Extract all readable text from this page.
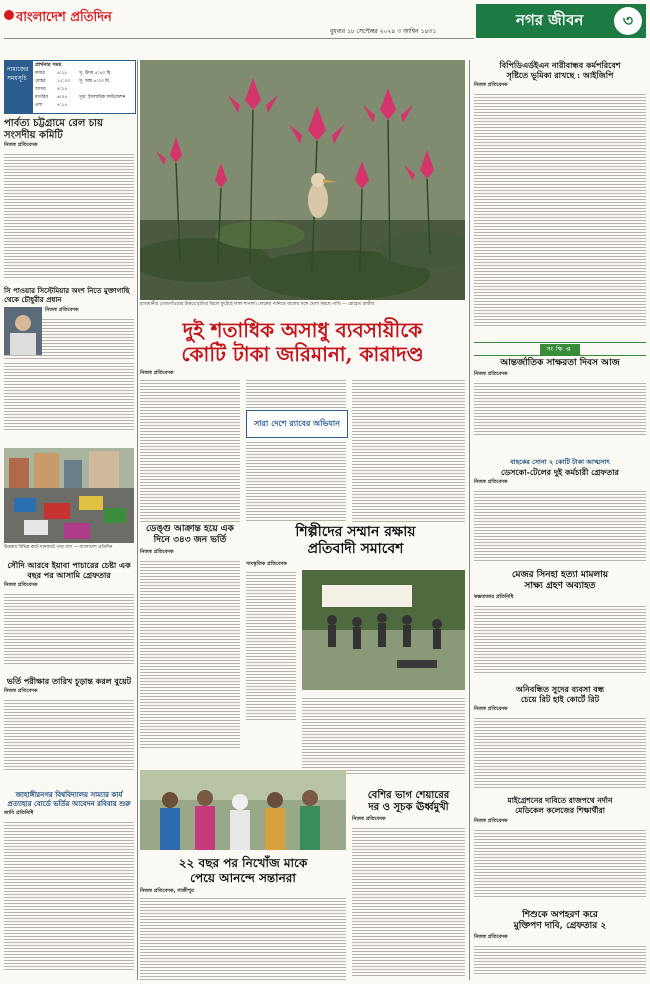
বাংলাদেশ প্রতিদিন
বুধবার ১৮ সেপ্টেম্বর ২০২৪ ৩ আশ্বিন ১৪৩১
নগর জীবন	৩
নামাজের সময়সূচি
প্রার্থনার সময়
ফজর	৪:২৮	সূ. উদয় ৫:৪৩ মি.
যোহর	১২:০০	সূ. অস্ত ৬:০৩ মি.
আসর	৪:২৫
মাগরিব	৬:০৫	সূত্র: ইসলামিক ফাউন্ডেশন
এশা	৭:১৫
পার্বত্য চট্টগ্রামে রেল চায় সংসদীয় কমিটি
নিজস্ব প্রতিবেদক
রাজধানীর তেজগাঁওয়ের উত্তরে হাতির ঝিলে ফুটেছে লাল শাপলা। লেকের পানিতে জলের সঙ্গে খেলা করছে পাখি — রোহেত রাজীব
বিপিডিএর্ডইএন নারীবান্ধব কর্মপরিবেশ
সৃষ্টিতে ভূমিকা রাখছে : আইজিপি
নিজস্ব প্রতিবেদক
সংক্ষিপ্ত
দুই শতাধিক অসাধু ব্যবসায়ীকে
কোটি টাকা জরিমানা, কারাদণ্ড
নিজস্ব প্রতিবেদক
সারা দেশে র‌্যাবের অভিযান
সি পাওয়ার সিস্টেমিয়ার অংশ নিতে মুক্তাগাছি থেকে চৌধুরীর প্রধান
নিজস্ব প্রতিবেদক
উত্তরার বিভিন্ন রুটে যানজটে পড়া বাস — বাংলাদেশ প্রতিদিন
সৌদি আরবে ইয়াবা পাচারের চেষ্টা এক বছর পর আসামি গ্রেফতার
নিজস্ব প্রতিবেদক
ভর্তি পরীক্ষার তারিখ চূড়ান্ত করল বুয়েট
নিজস্ব প্রতিবেদক
জাহাঙ্গীরনগর বিশ্ববিদ্যালয় সাম্যার কার্য প্রত্যাহার বোর্ডে ভর্তির আবেদন রবিবার শুরু
জাবি প্রতিনিধি
ডেঙ্গু আক্রান্ত হয়ে এক দিনে ৩৪৩ জন ভর্তি
নিজস্ব প্রতিবেদক
শিল্পীদের সম্মান রক্ষায়
প্রতিবাদী সমাবেশ
সাংস্কৃতিক প্রতিবেদক
বেশির ভাগ শেয়ারের
দর ও সূচক ঊর্ধ্বমুখী
নিজস্ব প্রতিবেদক
২২ বছর পর নিখোঁজ মাকে
পেয়ে আনন্দে সন্তানরা
নিজস্ব প্রতিবেদক, গাজীপুর
আন্তর্জাতিক সাক্ষরতা দিবস আজ
নিজস্ব প্রতিবেদক
বাহকের সোনা ২ কোটি টাকা আত্মসাৎ
ডেসকো-টেলের দুই কর্মচারী গ্রেফতার
নিজস্ব প্রতিবেদক
মেজর সিনহা হত্যা মামলায়
সাক্ষ্য গ্রহণ অব্যাহত
কক্সবাজার প্রতিনিধি
অনিবন্ধিত সুদের ব্যবসা বন্ধ
চেয়ে রিট হাই কোর্টে রিট
নিজস্ব প্রতিবেদক
মাইগ্রেশনের দাবিতে রাজপথে নর্দান
মেডিকেল কলেজের শিক্ষার্থীরা
নিজস্ব প্রতিবেদক
শিশুকে অপহরণ করে
মুক্তিপণ দাবি, গ্রেফতার ২
নিজস্ব প্রতিবেদক
